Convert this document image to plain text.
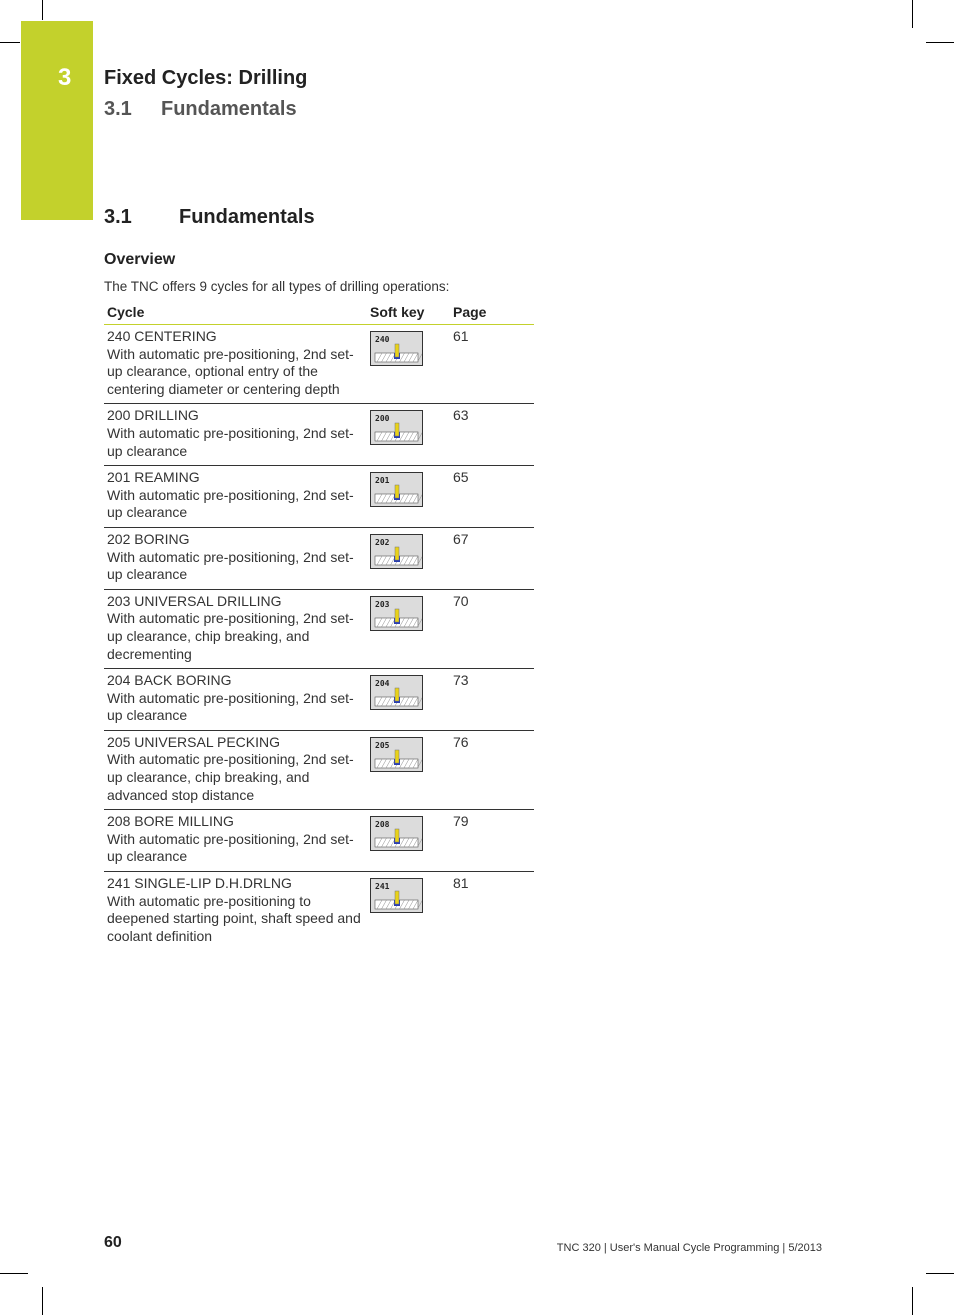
3 Fixed Cycles: Drilling
3.1 Fundamentals
3.1 Fundamentals
Overview
The TNC offers 9 cycles for all types of drilling operations:
Cycle	Soft key	Page

240 CENTERING
With automatic pre-positioning, 2nd set-up clearance, optional entry of the centering diameter or centering depth	240	61

200 DRILLING
With automatic pre-positioning, 2nd set-up clearance	200	63

201 REAMING
With automatic pre-positioning, 2nd set-up clearance	201	65

202 BORING
With automatic pre-positioning, 2nd set-up clearance	202	67

203 UNIVERSAL DRILLING
With automatic pre-positioning, 2nd set-up clearance, chip breaking, and decrementing	203	70

204 BACK BORING
With automatic pre-positioning, 2nd set-up clearance	204	73

205 UNIVERSAL PECKING
With automatic pre-positioning, 2nd set-up clearance, chip breaking, and advanced stop distance	205	76

208 BORE MILLING
With automatic pre-positioning, 2nd set-up clearance	208	79

241 SINGLE-LIP D.H.DRLNG
With automatic pre-positioning to deepened starting point, shaft speed and coolant definition	241	81
60	TNC 320 | User's Manual Cycle Programming | 5/2013
